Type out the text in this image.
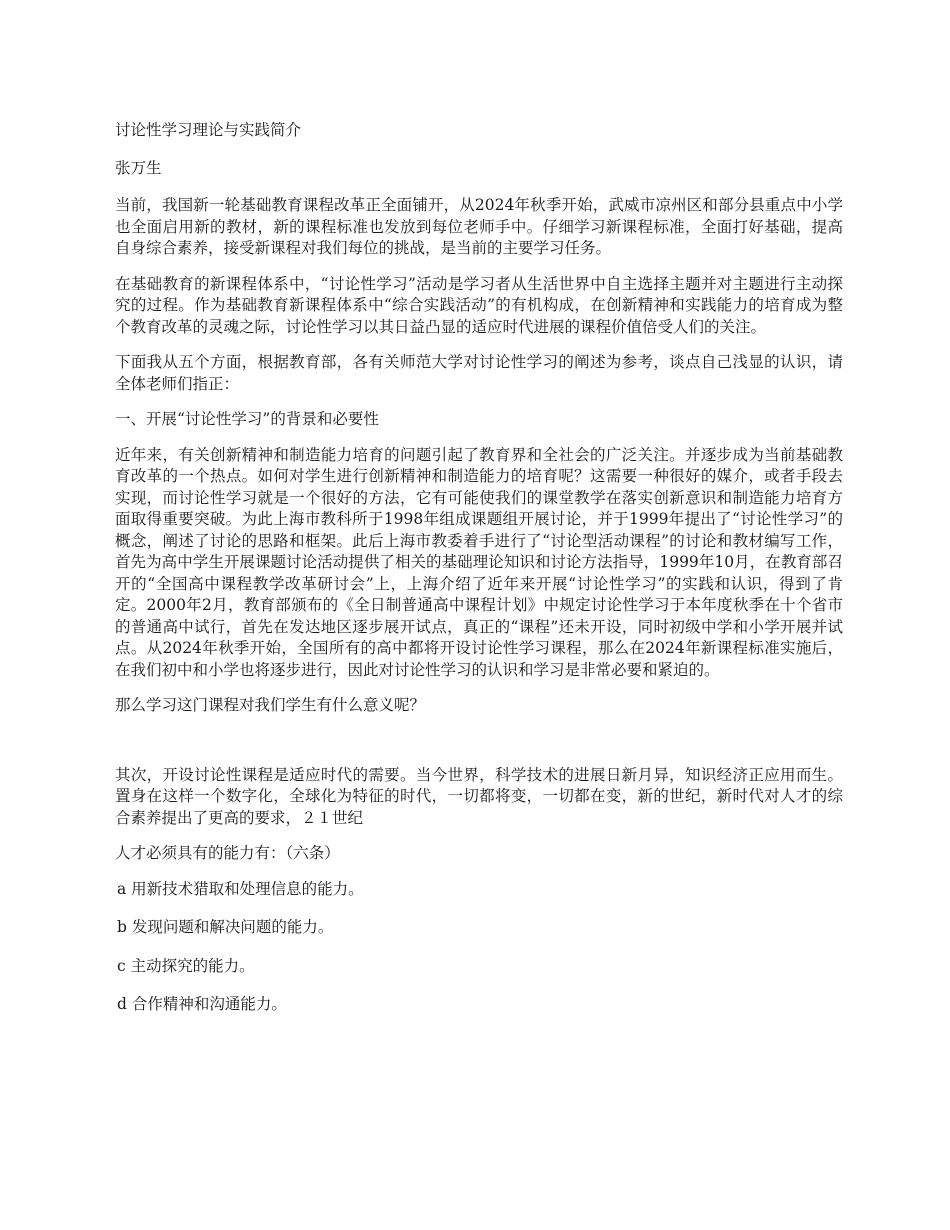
讨论性学习理论与实践简介

张万生

当前，我国新一轮基础教育课程改革正全面铺开，从2024年秋季开始，武威市凉州区和部分县重点中小学也全面启用新的教材，新的课程标准也发放到每位老师手中。仔细学习新课程标准，全面打好基础，提高自身综合素养，接受新课程对我们每位的挑战，是当前的主要学习任务。

在基础教育的新课程体系中，“讨论性学习”活动是学习者从生活世界中自主选择主题并对主题进行主动探究的过程。作为基础教育新课程体系中“综合实践活动”的有机构成，在创新精神和实践能力的培育成为整个教育改革的灵魂之际，讨论性学习以其日益凸显的适应时代进展的课程价值倍受人们的关注。

下面我从五个方面，根据教育部，各有关师范大学对讨论性学习的阐述为参考，谈点自己浅显的认识，请全体老师们指正：

一、开展“讨论性学习”的背景和必要性

近年来，有关创新精神和制造能力培育的问题引起了教育界和全社会的广泛关注。并逐步成为当前基础教育改革的一个热点。如何对学生进行创新精神和制造能力的培育呢？这需要一种很好的媒介，或者手段去实现，而讨论性学习就是一个很好的方法，它有可能使我们的课堂教学在落实创新意识和制造能力培育方面取得重要突破。为此上海市教科所于1998年组成课题组开展讨论，并于1999年提出了“讨论性学习”的概念，阐述了讨论的思路和框架。此后上海市教委着手进行了“讨论型活动课程”的讨论和教材编写工作，首先为高中学生开展课题讨论活动提供了相关的基础理论知识和讨论方法指导，1999年10月，在教育部召开的“全国高中课程教学改革研讨会”上，上海介绍了近年来开展“讨论性学习”的实践和认识，得到了肯定。2000年2月，教育部颁布的《全日制普通高中课程计划》中规定讨论性学习于本年度秋季在十个省市的普通高中试行，首先在发达地区逐步展开试点，真正的“课程”还未开设，同时初级中学和小学开展并试点。从2024年秋季开始，全国所有的高中都将开设讨论性学习课程，那么在2024年新课程标准实施后，在我们初中和小学也将逐步进行，因此对讨论性学习的认识和学习是非常必要和紧迫的。

那么学习这门课程对我们学生有什么意义呢？

其次，开设讨论性课程是适应时代的需要。当今世界，科学技术的进展日新月异，知识经济正应用而生。置身在这样一个数字化，全球化为特征的时代，一切都将变，一切都在变，新的世纪，新时代对人才的综合素养提出了更高的要求，２１世纪

人才必须具有的能力有：（六条）

a 用新技术猎取和处理信息的能力。

b 发现问题和解决问题的能力。

c 主动探究的能力。

d 合作精神和沟通能力。
